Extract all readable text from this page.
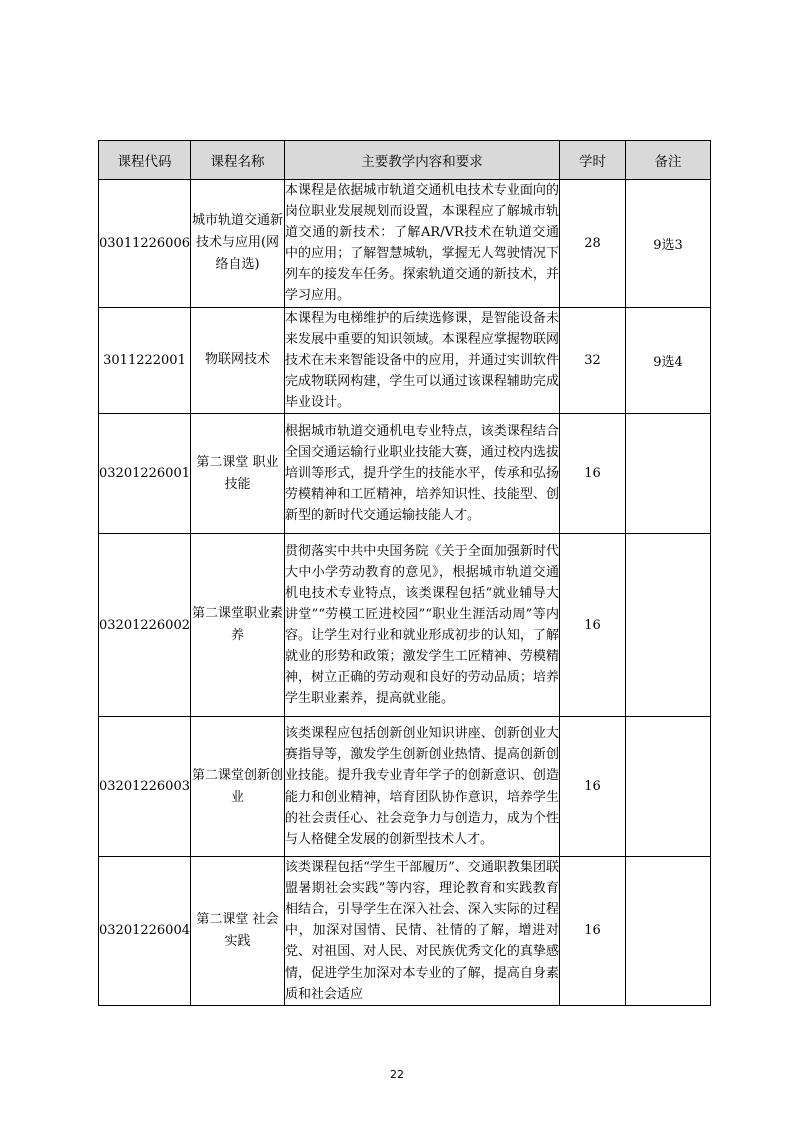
课程代码	课程名称	主要教学内容和要求	学时	备注
03011226006	城市轨道交通新技术与应用(网络自选)	本课程是依据城市轨道交通机电技术专业面向的岗位职业发展规划而设置，本课程应了解城市轨道交通的新技术：了解AR/VR技术在轨道交通中的应用；了解智慧城轨，掌握无人驾驶情况下列车的接发车任务。探索轨道交通的新技术，并学习应用。	28	9选3
3011222001	物联网技术	本课程为电梯维护的后续选修课，是智能设备未来发展中重要的知识领域。本课程应掌握物联网技术在未来智能设备中的应用，并通过实训软件完成物联网构建，学生可以通过该课程辅助完成毕业设计。	32	9选4
03201226001	第二课堂 职业技能	根据城市轨道交通机电专业特点，该类课程结合全国交通运输行业职业技能大赛，通过校内选拔培训等形式，提升学生的技能水平，传承和弘扬劳模精神和工匠精神，培养知识性、技能型、创新型的新时代交通运输技能人才。	16	
03201226002	第二课堂职业素养	贯彻落实中共中央国务院《关于全面加强新时代大中小学劳动教育的意见》，根据城市轨道交通机电技术专业特点，该类课程包括“就业辅导大讲堂”“劳模工匠进校园”“职业生涯活动周”等内容。让学生对行业和就业形成初步的认知，了解就业的形势和政策；激发学生工匠精神、劳模精神，树立正确的劳动观和良好的劳动品质；培养学生职业素养，提高就业能。	16	
03201226003	第二课堂创新创业	该类课程应包括创新创业知识讲座、创新创业大赛指导等，激发学生创新创业热情、提高创新创业技能。提升我专业青年学子的创新意识、创造能力和创业精神，培育团队协作意识，培养学生的社会责任心、社会竞争力与创造力，成为个性与人格健全发展的创新型技术人才。	16	
03201226004	第二课堂 社会实践	该类课程包括“学生干部履历”、交通职教集团联盟暑期社会实践”等内容，理论教育和实践教育相结合，引导学生在深入社会、深入实际的过程中，加深对国情、民情、社情的了解，增进对党、对祖国、对人民、对民族优秀文化的真挚感情，促进学生加深对本专业的了解，提高自身素质和社会适应	16	
22
